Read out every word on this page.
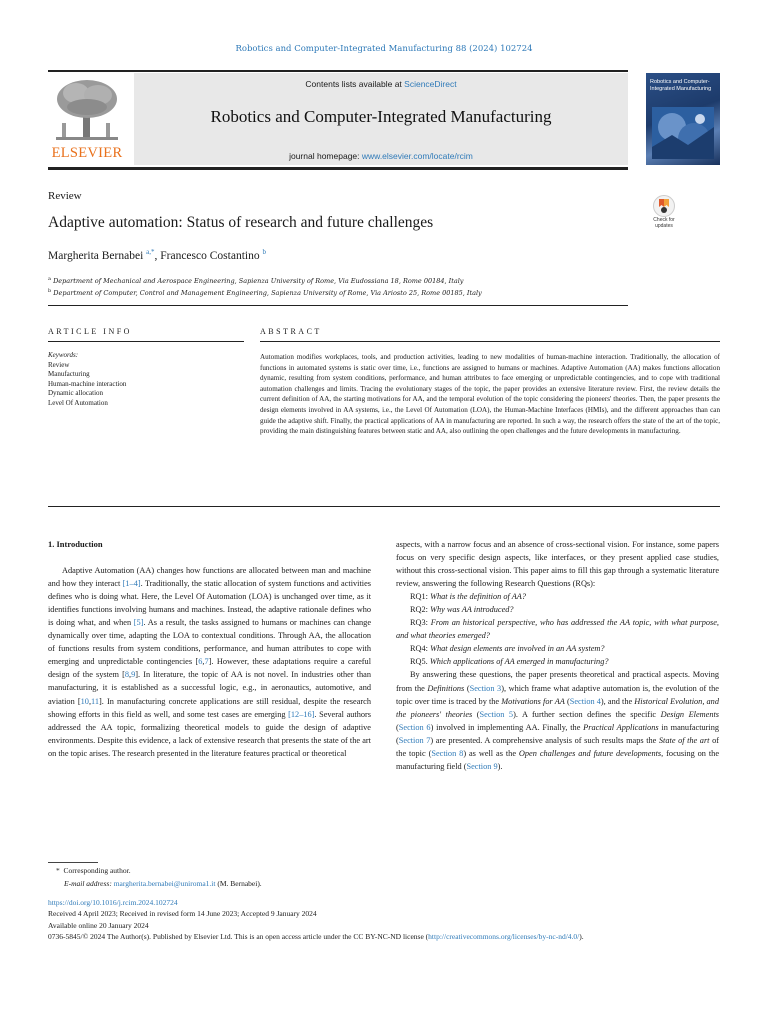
Robotics and Computer-Integrated Manufacturing 88 (2024) 102724
ELSEVIER
Contents lists available at ScienceDirect
Robotics and Computer-Integrated Manufacturing
journal homepage: www.elsevier.com/locate/rcim
Robotics and Computer-Integrated Manufacturing
Review
Adaptive automation: Status of research and future challenges	Check for
updates
Margherita Bernabei $^{a,*}$, Francesco Costantino $^b$
$^a$ Department of Mechanical and Aerospace Engineering, Sapienza University of Rome, Via Eudossiana 18, Rome 00184, Italy
$^b$ Department of Computer, Control and Management Engineering, Sapienza University of Rome, Via Ariosto 25, Rome 00185, Italy
ARTICLE INFO	ABSTRACT
Keywords:
Review
Manufacturing
Human-machine interaction
Dynamic allocation
Level Of Automation
Automation modifies workplaces, tools, and production activities, leading to new modalities of human-machine interaction. Traditionally, the allocation of functions in automated systems is static over time, i.e., functions are assigned to humans or machines. Adaptive Automation (AA) makes functions allocation dynamic, resulting from system conditions, performance, and human attributes to face emerging or unpredictable contingencies, and to cope with traditional automation challenges and limits. Tracing the evolutionary stages of the topic, the paper provides an extensive literature review. First, the review details the current definition of AA, the starting motivations for AA, and the temporal evolution of the topic considering the pioneers' theories. Then, the paper presents the design elements involved in AA systems, i.e., the Level Of Automation (LOA), the Human-Machine Interfaces (HMIs), and the different approaches than can guide the adaptive shift. Finally, the practical applications of AA in manufacturing are reported. In such a way, the research offers the state of the art of the topic, providing the main distinguishing features between static and AA, also outlining the open challenges and the future developments in manufacturing.

1. Introduction

Adaptive Automation (AA) changes how functions are allocated between man and machine and how they interact [1–4]. Traditionally, the static allocation of system functions and activities defines who is doing what. Here, the Level Of Automation (LOA) is unchanged over time, as it identifies functions involving humans and machines. Instead, the adaptive rationale defines who is doing what, and when [5]. As a result, the tasks assigned to humans or machines can change dynamically over time, adapting the LOA to contextual conditions. Through AA, the allocation of functions results from system conditions, performance, and human attributes to cope with emerging and unpredictable contingencies [6,7]. However, these adaptations require a careful design of the system [8,9]. In literature, the topic of AA is not novel. In industries other than manufacturing, it is established as a successful logic, e.g., in aeronautics, automotive, and aviation [10,11]. In manufacturing concrete applications are still residual, despite the research showing efforts in this field as well, and some test cases are emerging [12–16]. Several authors addressed the AA topic, formalizing theoretical models to guide the design of adaptive environments. Despite this evidence, a lack of extensive research that presents the state of the art on the topic arises. The research presented in the literature features practical or theoretical

aspects, with a narrow focus and an absence of cross-sectional vision. For instance, some papers focus on very specific design aspects, like interfaces, or they present applied case studies, without this cross-sectional vision. This paper aims to fill this gap through a systematic literature review, answering the following Research Questions (RQs):

RQ1: What is the definition of AA?

RQ2: Why was AA introduced?

RQ3: From an historical perspective, who has addressed the AA topic, with what purpose, and what theories emerged?

RQ4: What design elements are involved in an AA system?

RQ5. Which applications of AA emerged in manufacturing?

By answering these questions, the paper presents theoretical and practical aspects. Moving from the Definitions (Section 3), which frame what adaptive automation is, the evolution of the topic over time is traced by the Motivations for AA (Section 4), and the Historical Evolution, and the pioneers' theories (Section 5). A further section defines the specific Design Elements (Section 6) involved in implementing AA. Finally, the Practical Applications in manufacturing (Section 7) are presented. A comprehensive analysis of such results maps the State of the art of the topic (Section 8) as well as the Open challenges and future developments, focusing on the manufacturing field (Section 9).

* Corresponding author.
E-mail address: margherita.bernabei@uniroma1.it (M. Bernabei).
https://doi.org/10.1016/j.rcim.2024.102724
Received 4 April 2023; Received in revised form 14 June 2023; Accepted 9 January 2024
Available online 20 January 2024
0736-5845/© 2024 The Author(s). Published by Elsevier Ltd. This is an open access article under the CC BY-NC-ND license (http://creativecommons.org/licenses/by-nc-nd/4.0/).
